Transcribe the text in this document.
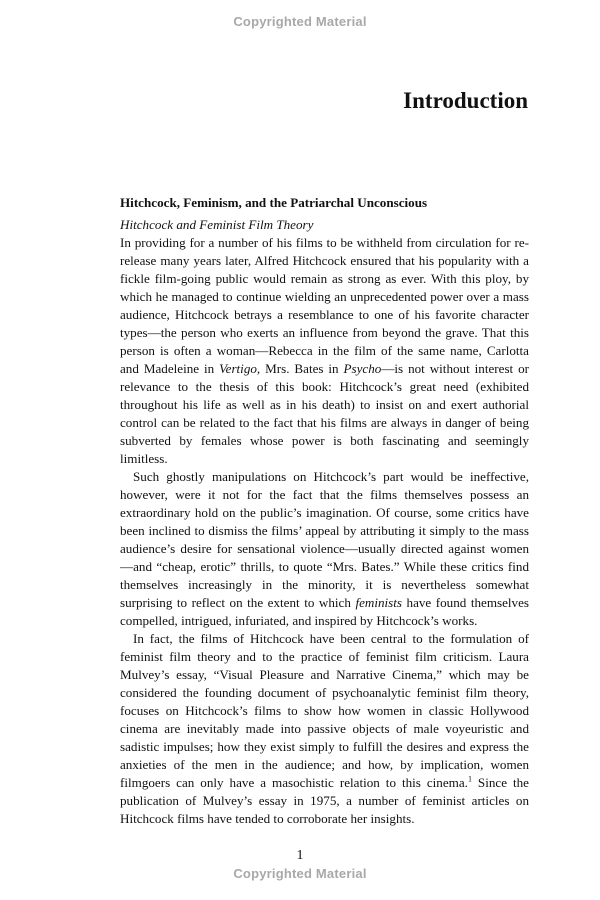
Copyrighted Material
Introduction
Hitchcock, Feminism, and the Patriarchal Unconscious
Hitchcock and Feminist Film Theory

In providing for a number of his films to be withheld from circulation for re-release many years later, Alfred Hitchcock ensured that his popularity with a fickle film-going public would remain as strong as ever. With this ploy, by which he managed to continue wielding an unprecedented power over a mass audience, Hitchcock betrays a resemblance to one of his favorite character types—the person who exerts an influence from beyond the grave. That this person is often a woman—Rebecca in the film of the same name, Carlotta and Madeleine in Vertigo, Mrs. Bates in Psycho—is not without interest or relevance to the thesis of this book: Hitchcock’s great need (exhibited throughout his life as well as in his death) to insist on and exert authorial control can be related to the fact that his films are always in danger of being subverted by females whose power is both fascinating and seemingly limitless.

Such ghostly manipulations on Hitchcock’s part would be ineffective, however, were it not for the fact that the films themselves possess an extraordinary hold on the public’s imagination. Of course, some critics have been inclined to dismiss the films’ appeal by attributing it simply to the mass audience’s desire for sensational violence—usually directed against women—and “cheap, erotic” thrills, to quote “Mrs. Bates.” While these critics find themselves increasingly in the minority, it is nevertheless somewhat surprising to reflect on the extent to which feminists have found themselves compelled, intrigued, infuriated, and inspired by Hitchcock’s works.

In fact, the films of Hitchcock have been central to the formulation of feminist film theory and to the practice of feminist film criticism. Laura Mulvey’s essay, “Visual Pleasure and Narrative Cinema,” which may be considered the founding document of psychoanalytic feminist film theory, focuses on Hitchcock’s films to show how women in classic Hollywood cinema are inevitably made into passive objects of male voyeuristic and sadistic impulses; how they exist simply to fulfill the desires and express the anxieties of the men in the audience; and how, by implication, women filmgoers can only have a masochistic relation to this cinema.$^1$ Since the publication of Mulvey’s essay in 1975, a number of feminist articles on Hitchcock films have tended to corroborate her insights.

1
Copyrighted Material
